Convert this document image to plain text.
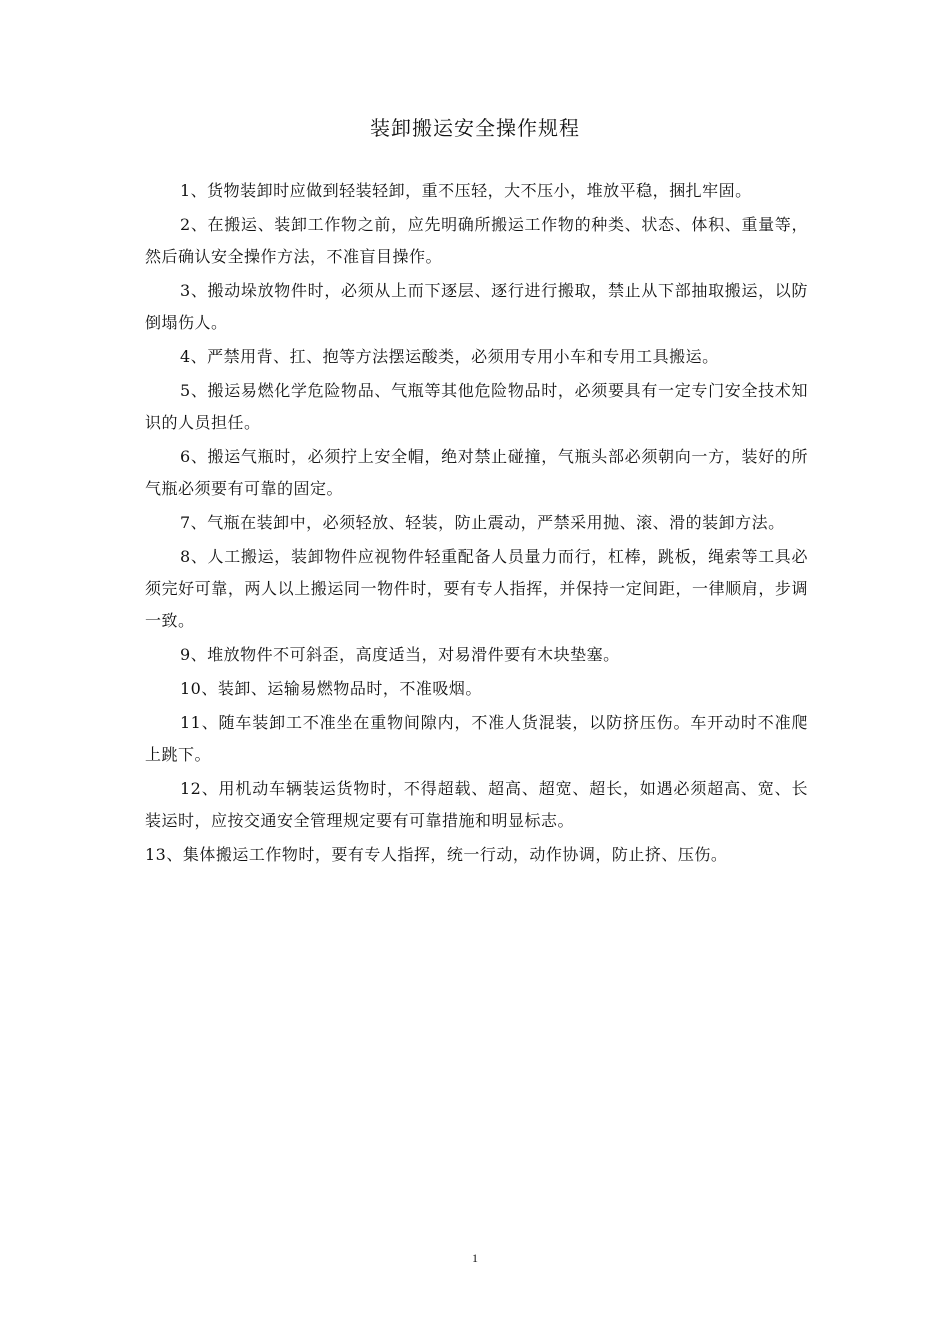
装卸搬运安全操作规程

1、货物装卸时应做到轻装轻卸，重不压轻，大不压小，堆放平稳，捆扎牢固。

2、在搬运、装卸工作物之前，应先明确所搬运工作物的种类、状态、体积、重量等，然后确认安全操作方法，不准盲目操作。

3、搬动垛放物件时，必须从上而下逐层、逐行进行搬取，禁止从下部抽取搬运，以防倒塌伤人。

4、严禁用背、扛、抱等方法摆运酸类，必须用专用小车和专用工具搬运。

5、搬运易燃化学危险物品、气瓶等其他危险物品时，必须要具有一定专门安全技术知识的人员担任。

6、搬运气瓶时，必须拧上安全帽，绝对禁止碰撞，气瓶头部必须朝向一方，装好的所气瓶必须要有可靠的固定。

7、气瓶在装卸中，必须轻放、轻装，防止震动，严禁采用抛、滚、滑的装卸方法。

8、人工搬运，装卸物件应视物件轻重配备人员量力而行，杠棒，跳板，绳索等工具必须完好可靠，两人以上搬运同一物件时，要有专人指挥，并保持一定间距，一律顺肩，步调一致。

9、堆放物件不可斜歪，高度适当，对易滑件要有木块垫塞。

10、装卸、运输易燃物品时，不准吸烟。

11、随车装卸工不准坐在重物间隙内，不准人货混装，以防挤压伤。车开动时不准爬上跳下。

12、用机动车辆装运货物时，不得超载、超高、超宽、超长，如遇必须超高、宽、长装运时，应按交通安全管理规定要有可靠措施和明显标志。

13、集体搬运工作物时，要有专人指挥，统一行动，动作协调，防止挤、压伤。

1
